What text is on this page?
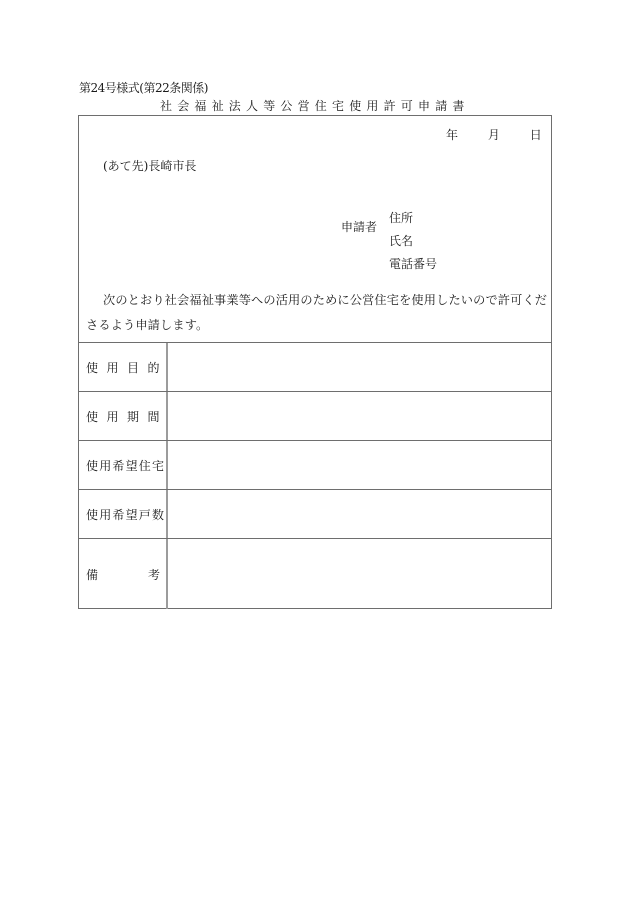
第24号様式(第22条関係)
社会福祉法人等公営住宅使用許可申請書
年 月 日
(あて先)長崎市長
申請者
住所
氏名
電話番号
次のとおり社会福祉事業等への活用のために公営住宅を使用したいので許可くださるよう申請します。
使用目的
使用期間
使用希望住宅
使用希望戸数
備	考
